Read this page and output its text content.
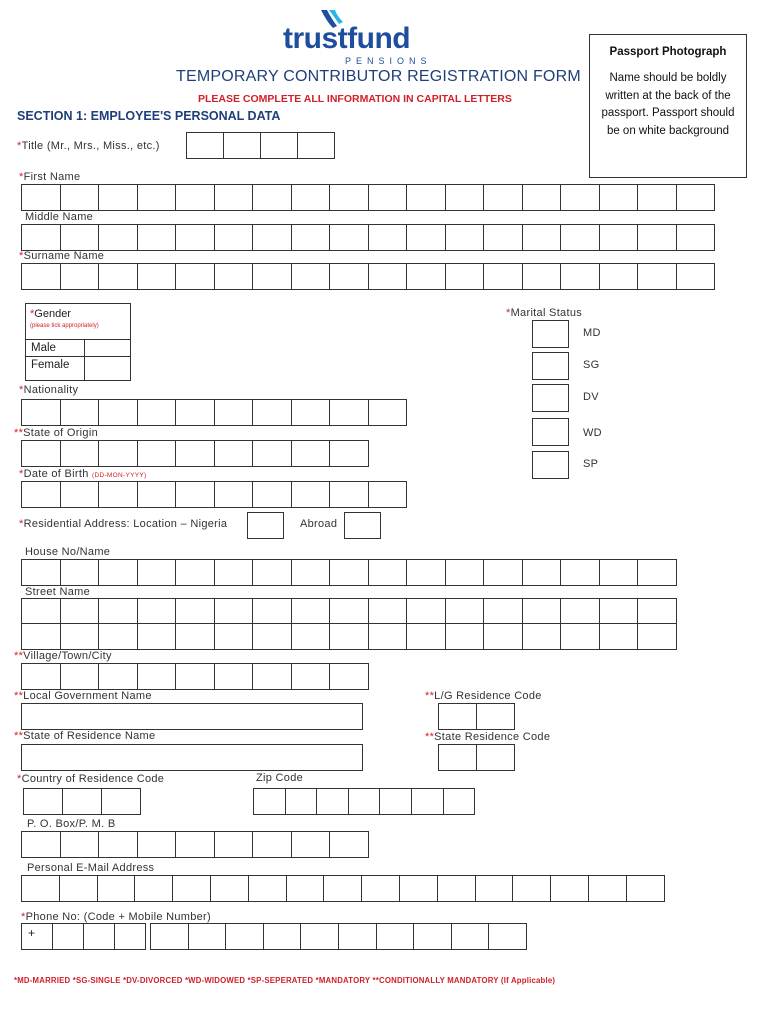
trustfund
PENSIONS
TEMPORARY CONTRIBUTOR REGISTRATION FORM
PLEASE COMPLETE ALL INFORMATION IN CAPITAL LETTERS
SECTION 1: EMPLOYEE'S PERSONAL DATA
Passport Photograph
Name should be boldly written at the back of the passport. Passport should be on white background
*Title (Mr., Mrs., Miss., etc.)
*First Name
Middle Name
*Surname Name
*Gender
(please tick appropriately)
Male
Female
*Marital Status
MD
SG
DV
WD
SP
*Nationality
**State of Origin
*Date of Birth (DD-MON-YYYY)
*Residential Address: Location – Nigeria	Abroad
House No/Name
Street Name
**Village/Town/City
**Local Government Name	**L/G Residence Code
**State of Residence Name	**State Residence Code
*Country of Residence Code	Zip Code
P. O. Box/P. M. B
Personal E-Mail Address
*Phone No: (Code + Mobile Number)
+
*MD-MARRIED *SG-SINGLE *DV-DIVORCED *WD-WIDOWED *SP-SEPERATED *MANDATORY **CONDITIONALLY MANDATORY (If Applicable)
